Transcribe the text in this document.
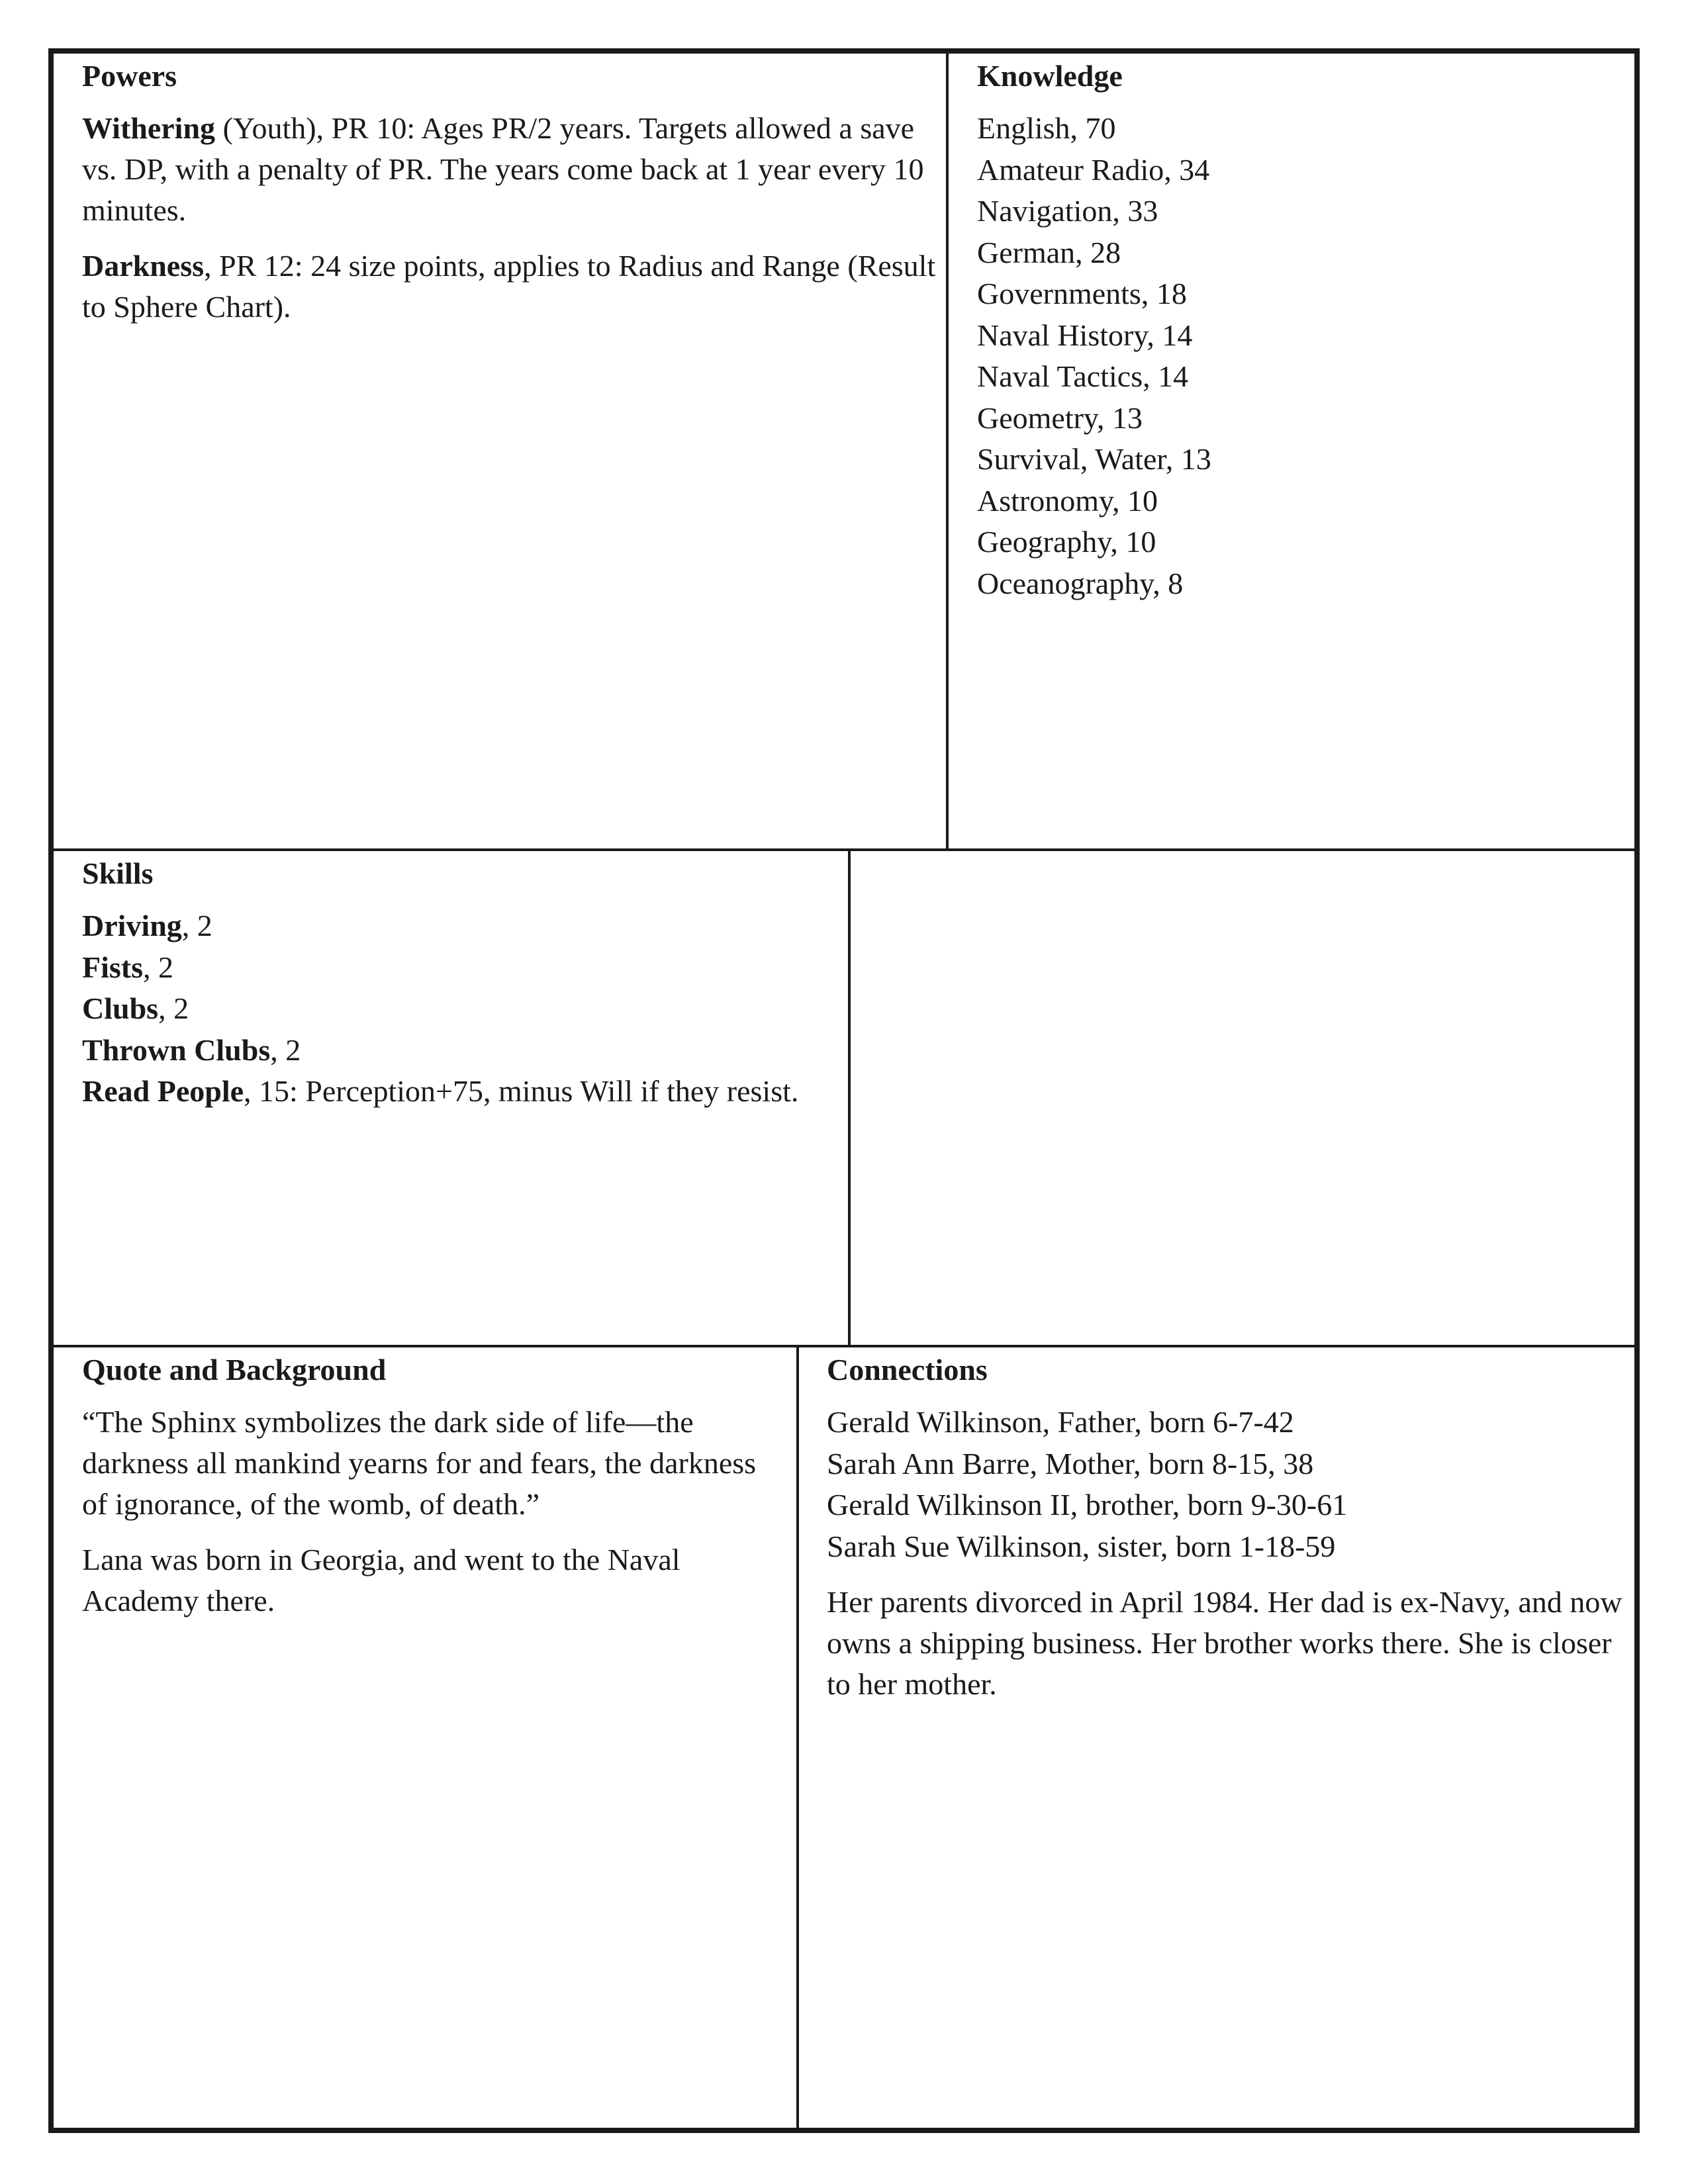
Powers

Withering (Youth), PR 10: Ages PR/2 years. Targets allowed a save vs. DP, with a penalty of PR. The years come back at 1 year every 10 minutes.

Darkness, PR 12: 24 size points, applies to Radius and Range (Result to Sphere Chart).

Knowledge
English, 70
Amateur Radio, 34
Navigation, 33
German, 28
Governments, 18
Naval History, 14
Naval Tactics, 14
Geometry, 13
Survival, Water, 13
Astronomy, 10
Geography, 10
Oceanography, 8
Skills
Driving, 2
Fists, 2
Clubs, 2
Thrown Clubs, 2
Read People, 15: Perception+75, minus Will if they resist.
Quote and Background

“The Sphinx symbolizes the dark side of life—the darkness all mankind yearns for and fears, the darkness of ignorance, of the womb, of death.”

Lana was born in Georgia, and went to the Naval Academy there.

Connections
Gerald Wilkinson, Father, born 6-7-42
Sarah Ann Barre, Mother, born 8-15, 38
Gerald Wilkinson II, brother, born 9-30-61
Sarah Sue Wilkinson, sister, born 1-18-59

Her parents divorced in April 1984. Her dad is ex-Navy, and now owns a shipping business. Her brother works there. She is closer to her mother.
